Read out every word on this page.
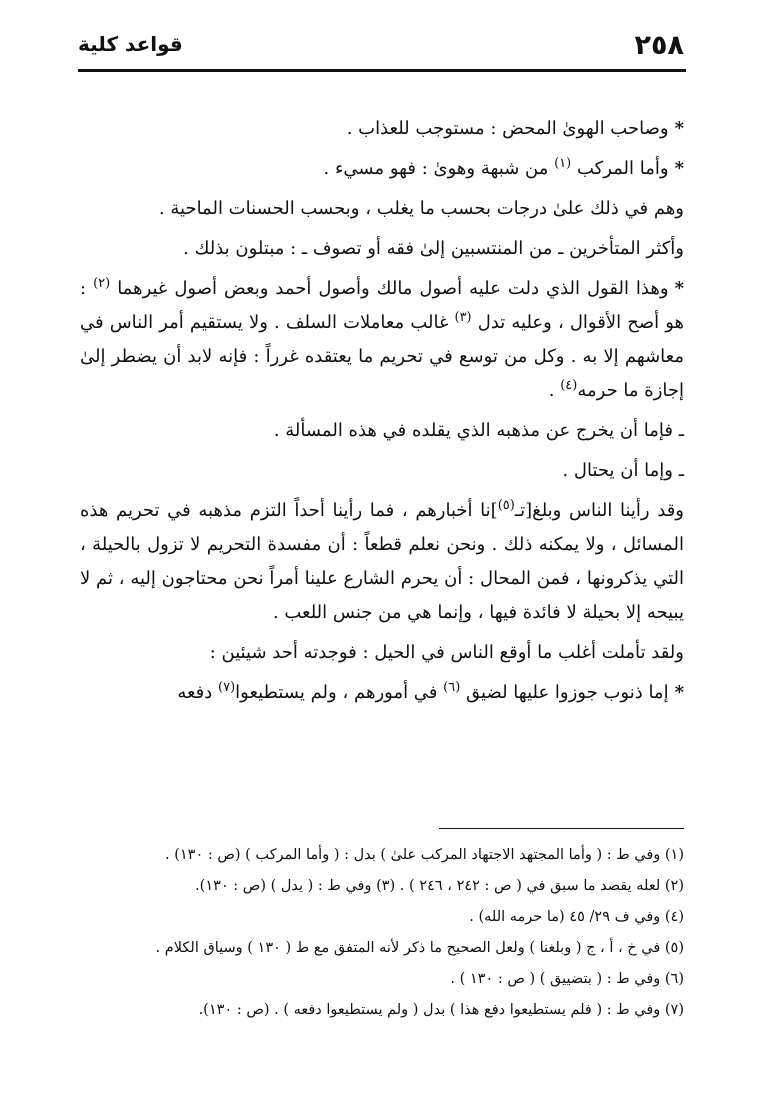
٢٥٨
قواعد كلية

*وصاحب الهوىٰ المحض : مستوجب للعذاب .

*وأما المركب $^{(١)}$ من شبهة وهوىٰ : فهو مسيء .

وهم في ذلك علىٰ درجات بحسب ما يغلب ، وبحسب الحسنات الماحية .

وأكثر المتأخرين ـ من المنتسبين إلىٰ فقه أو تصوف ـ : مبتلون بذلك .

*وهذا القول الذي دلت عليه أصول مالك وأصول أحمد وبعض أصول غيرهما $^{(٢)}$ : هو أصح الأقوال ، وعليه تدل $^{(٣)}$ غالب معاملات السلف . ولا يستقيم أمر الناس في معاشهم إلا به . وكل من توسع في تحريم ما يعتقده غرراً : فإنه لابد أن يضطر إلىٰ إجازة ما حرمه$^{(٤)}$ .

ـ فإما أن يخرج عن مذهبه الذي يقلده في هذه المسألة .

ـ وإما أن يحتال .

وقد رأينا الناس وبلغ[تـ$^{(٥)}$]نا أخبارهم ، فما رأينا أحداً التزم مذهبه في تحريم هذه المسائل ، ولا يمكنه ذلك . ونحن نعلم قطعاً : أن مفسدة التحريم لا تزول بالحيلة ، التي يذكرونها ، فمن المحال : أن يحرم الشارع علينا أمراً نحن محتاجون إليه ، ثم لا يبيحه إلا بحيلة لا فائدة فيها ، وإنما هي من جنس اللعب .

ولقد تأملت أغلب ما أوقع الناس في الحيل : فوجدته أحد شيئين :

*إما ذنوب جوزوا عليها لضيق $^{(٦)}$ في أمورهم ، ولم يستطيعوا$^{(٧)}$ دفعه

(١) وفي ط : ( وأما المجتهد الاجتهاد المركب علىٰ ) بدل : ( وأما المركب ) (ص : ١٣٠) .

(٢) لعله يقصد ما سبق في ( ص : ٢٤٢ ، ٢٤٦ ) . (٣) وفي ط : ( يدل ) (ص : ١٣٠).

(٤) وفي ف ٢٩/ ٤٥ (ما حرمه الله) .

(٥) في خ ، أ ، ج ( وبلغنا ) ولعل الصحيح ما ذكر لأنه المتفق مع ط ( ١٣٠ ) وسياق الكلام .

(٦) وفي ط : ( بتضييق ) ( ص : ١٣٠ ) .

(٧) وفي ط : ( فلم يستطيعوا دفع هذا ) بدل ( ولم يستطيعوا دفعه ) . (ص : ١٣٠).
